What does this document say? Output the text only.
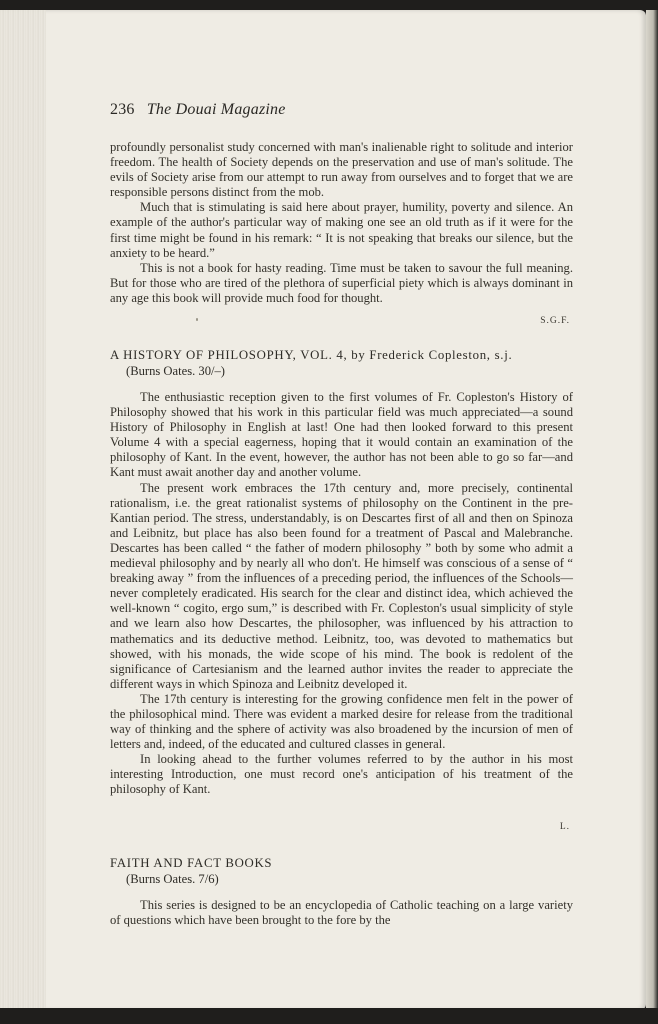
236 The Douai Magazine

profoundly personalist study concerned with man's inalienable right to solitude and interior freedom. The health of Society depends on the preservation and use of man's solitude. The evils of Society arise from our attempt to run away from ourselves and to forget that we are responsible persons distinct from the mob.

Much that is stimulating is said here about prayer, humility, poverty and silence. An example of the author's particular way of making one see an old truth as if it were for the first time might be found in his remark: “ It is not speaking that breaks our silence, but the anxiety to be heard.”

This is not a book for hasty reading. Time must be taken to savour the full meaning. But for those who are tired of the plethora of superficial piety which is always dominant in any age this book will provide much food for thought.

S.G.F.
A HISTORY OF PHILOSOPHY, VOL. 4, by Frederick Copleston, s.j.
(Burns Oates. 30/–)

The enthusiastic reception given to the first volumes of Fr. Copleston's History of Philosophy showed that his work in this particular field was much appreciated—a sound History of Philosophy in English at last! One had then looked forward to this present Volume 4 with a special eagerness, hoping that it would contain an examination of the philosophy of Kant. In the event, however, the author has not been able to go so far—and Kant must await another day and another volume.

The present work embraces the 17th century and, more precisely, continental rationalism, i.e. the great rationalist systems of philosophy on the Continent in the pre-Kantian period. The stress, understandably, is on Descartes first of all and then on Spinoza and Leibnitz, but place has also been found for a treatment of Pascal and Malebranche. Descartes has been called “ the father of modern philosophy ” both by some who admit a medieval philosophy and by nearly all who don't. He himself was conscious of a sense of “ breaking away ” from the influences of a preceding period, the influences of the Schools—never completely eradicated. His search for the clear and distinct idea, which achieved the well-known “ cogito, ergo sum,” is described with Fr. Copleston's usual simplicity of style and we learn also how Descartes, the philosopher, was influenced by his attraction to mathematics and its deductive method. Leibnitz, too, was devoted to mathematics but showed, with his monads, the wide scope of his mind. The book is redolent of the significance of Cartesianism and the learned author invites the reader to appreciate the different ways in which Spinoza and Leibnitz developed it.

The 17th century is interesting for the growing confidence men felt in the power of the philosophical mind. There was evident a marked desire for release from the traditional way of thinking and the sphere of activity was also broadened by the incursion of men of letters and, indeed, of the educated and cultured classes in general.

In looking ahead to the further volumes referred to by the author in his most interesting Introduction, one must record one's anticipation of his treatment of the philosophy of Kant.

L.
FAITH AND FACT BOOKS
(Burns Oates. 7/6)

This series is designed to be an encyclopedia of Catholic teaching on a large variety of questions which have been brought to the fore by the
